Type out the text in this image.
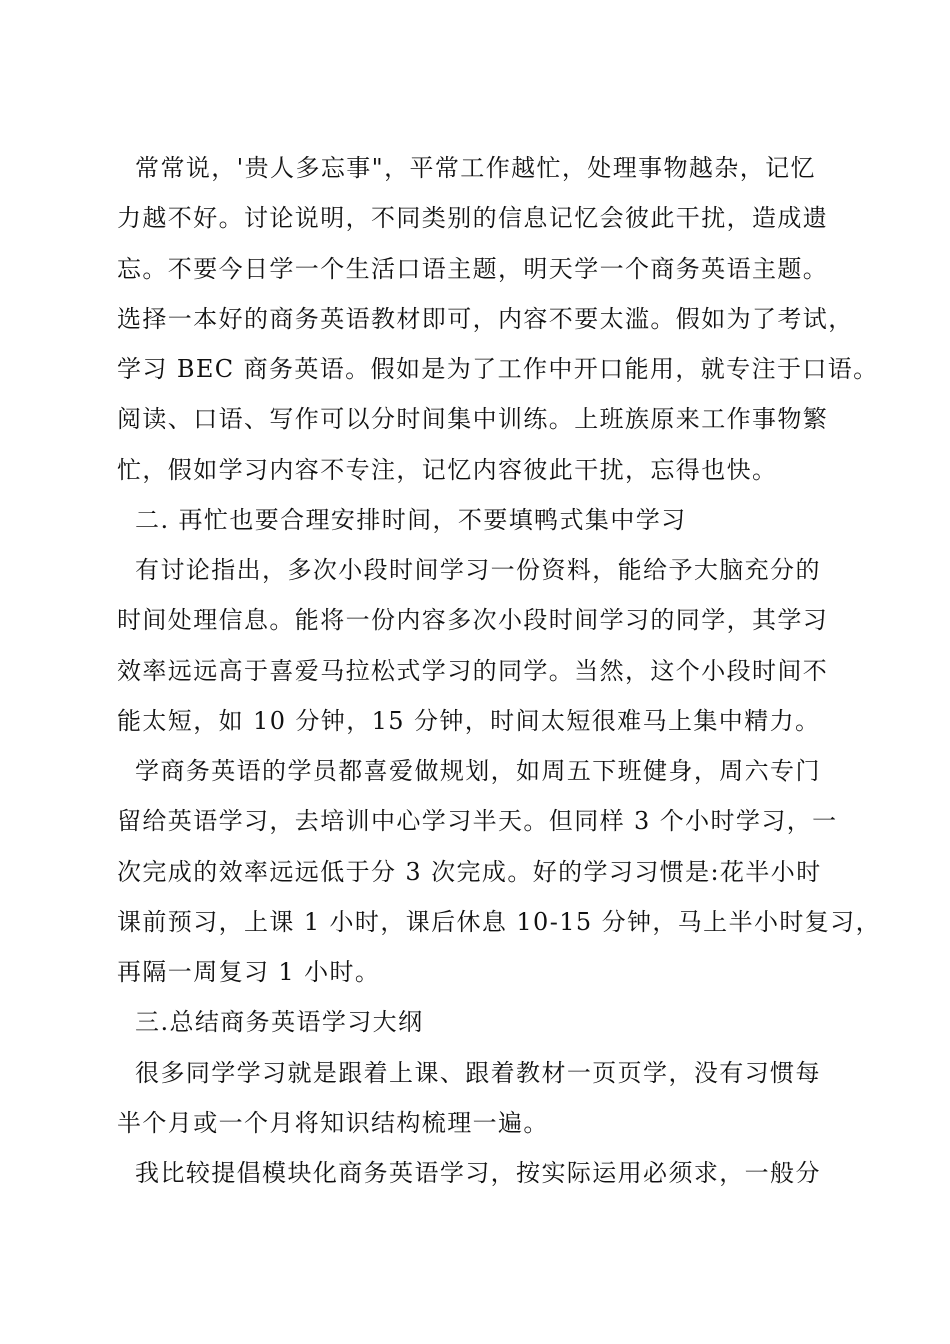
常常说，'贵人多忘事"，平常工作越忙，处理事物越杂，记忆
力越不好。讨论说明，不同类别的信息记忆会彼此干扰，造成遗
忘。不要今日学一个生活口语主题，明天学一个商务英语主题。
选择一本好的商务英语教材即可，内容不要太滥。假如为了考试，
学习 BEC 商务英语。假如是为了工作中开口能用，就专注于口语。
阅读、口语、写作可以分时间集中训练。上班族原来工作事物繁
忙，假如学习内容不专注，记忆内容彼此干扰，忘得也快。
二. 再忙也要合理安排时间，不要填鸭式集中学习
有讨论指出，多次小段时间学习一份资料，能给予大脑充分的
时间处理信息。能将一份内容多次小段时间学习的同学，其学习
效率远远高于喜爱马拉松式学习的同学。当然，这个小段时间不
能太短，如 10 分钟，15 分钟，时间太短很难马上集中精力。
学商务英语的学员都喜爱做规划，如周五下班健身，周六专门
留给英语学习，去培训中心学习半天。但同样 3 个小时学习，一
次完成的效率远远低于分 3 次完成。好的学习习惯是:花半小时
课前预习，上课 1 小时，课后休息 10-15 分钟，马上半小时复习，
再隔一周复习 1 小时。
三.总结商务英语学习大纲
很多同学学习就是跟着上课、跟着教材一页页学，没有习惯每
半个月或一个月将知识结构梳理一遍。
我比较提倡模块化商务英语学习，按实际运用必须求，一般分
